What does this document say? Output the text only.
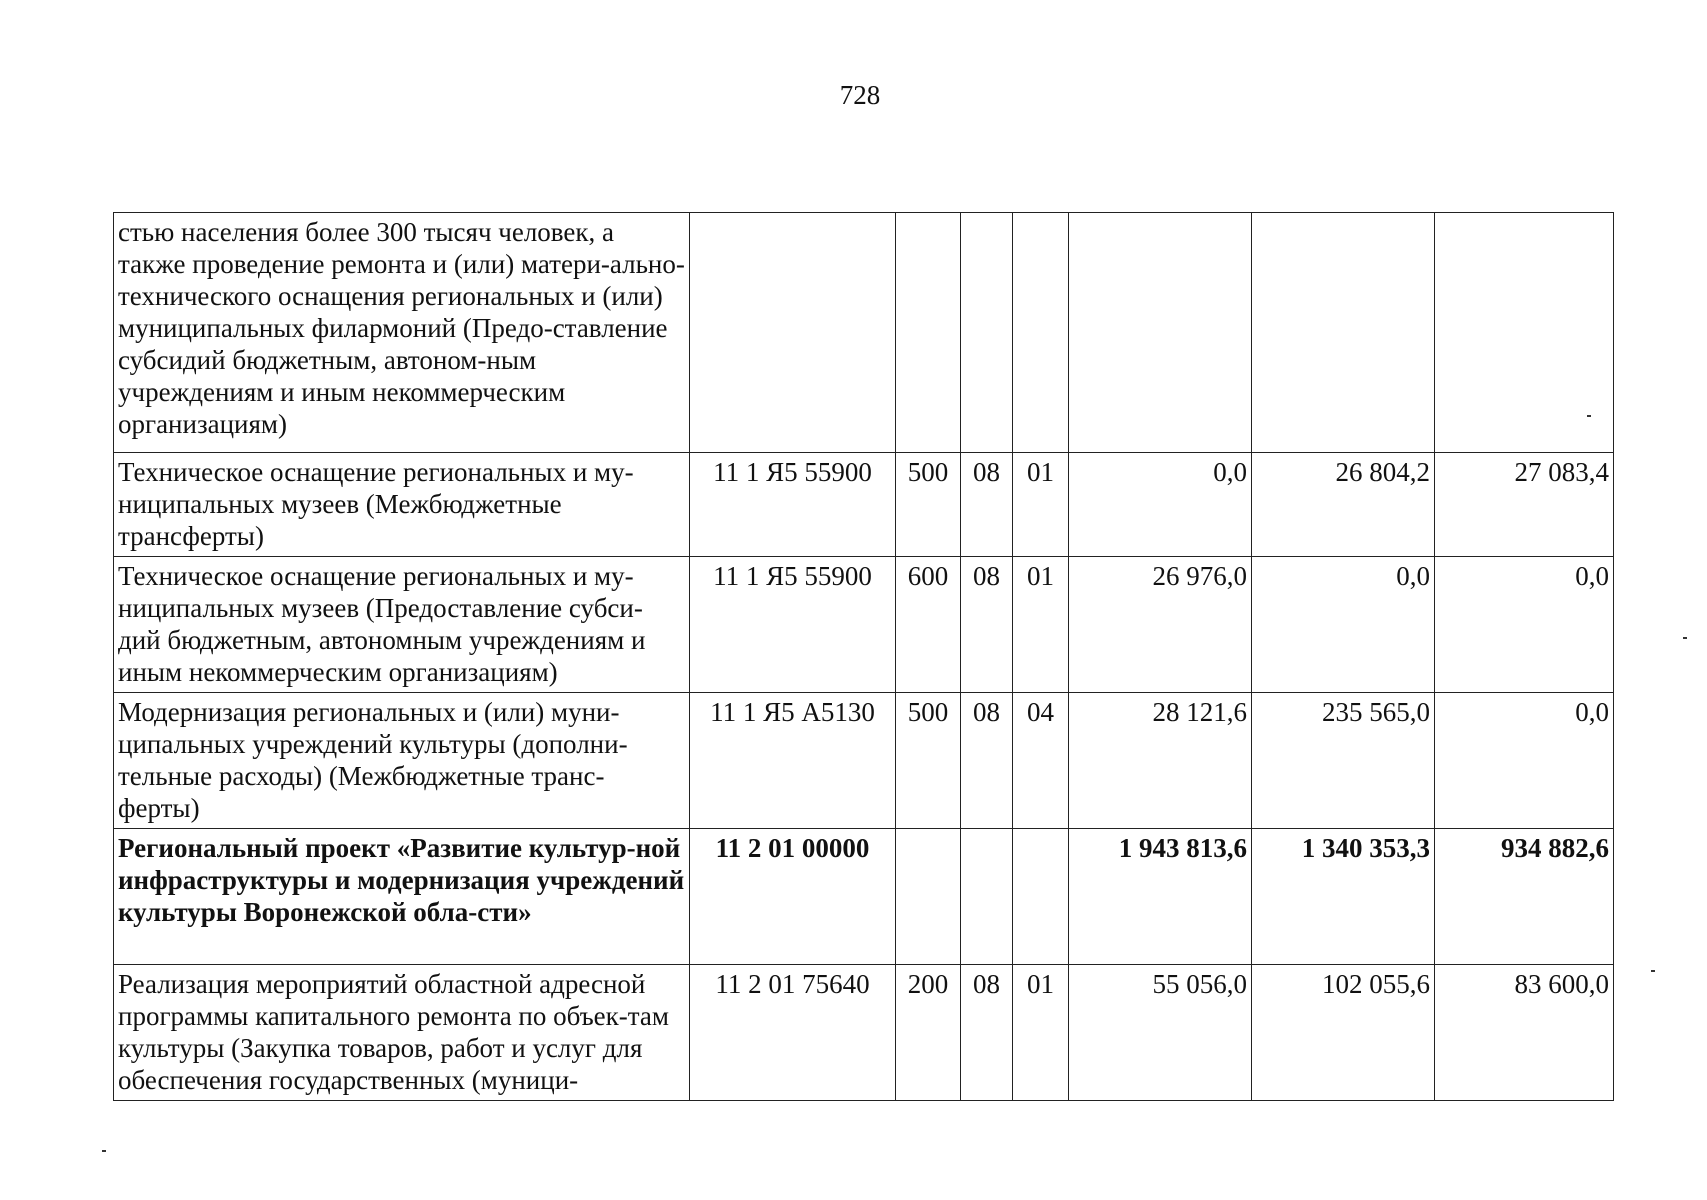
728
стью населения более 300 тысяч человек, а также проведение ремонта и (или) матери-ально-технического оснащения региональных и (или) муниципальных филармоний (Предо-ставление субсидий бюджетным, автоном-ным учреждениям и иным некоммерческим организациям)							

Техническое оснащение региональных и му-ниципальных музеев (Межбюджетные трансферты)	11 1 Я5 55900	500	08	01	0,0	26 804,2	27 083,4

Техническое оснащение региональных и му-ниципальных музеев (Предоставление субси-дий бюджетным, автономным учреждениям и иным некоммерческим организациям)	11 1 Я5 55900	600	08	01	26 976,0	0,0	0,0

Модернизация региональных и (или) муни-ципальных учреждений культуры (дополни-тельные расходы) (Межбюджетные транс-ферты)	11 1 Я5 А5130	500	08	04	28 121,6	235 565,0	0,0

Региональный проект «Развитие культур-ной инфраструктуры и модернизация учреждений культуры Воронежской обла-сти»	11 2 01 00000				1 943 813,6	1 340 353,3	934 882,6

Реализация мероприятий областной адресной программы капитального ремонта по объек-там культуры (Закупка товаров, работ и услуг для обеспечения государственных (муници-	11 2 01 75640	200	08	01	55 056,0	102 055,6	83 600,0
